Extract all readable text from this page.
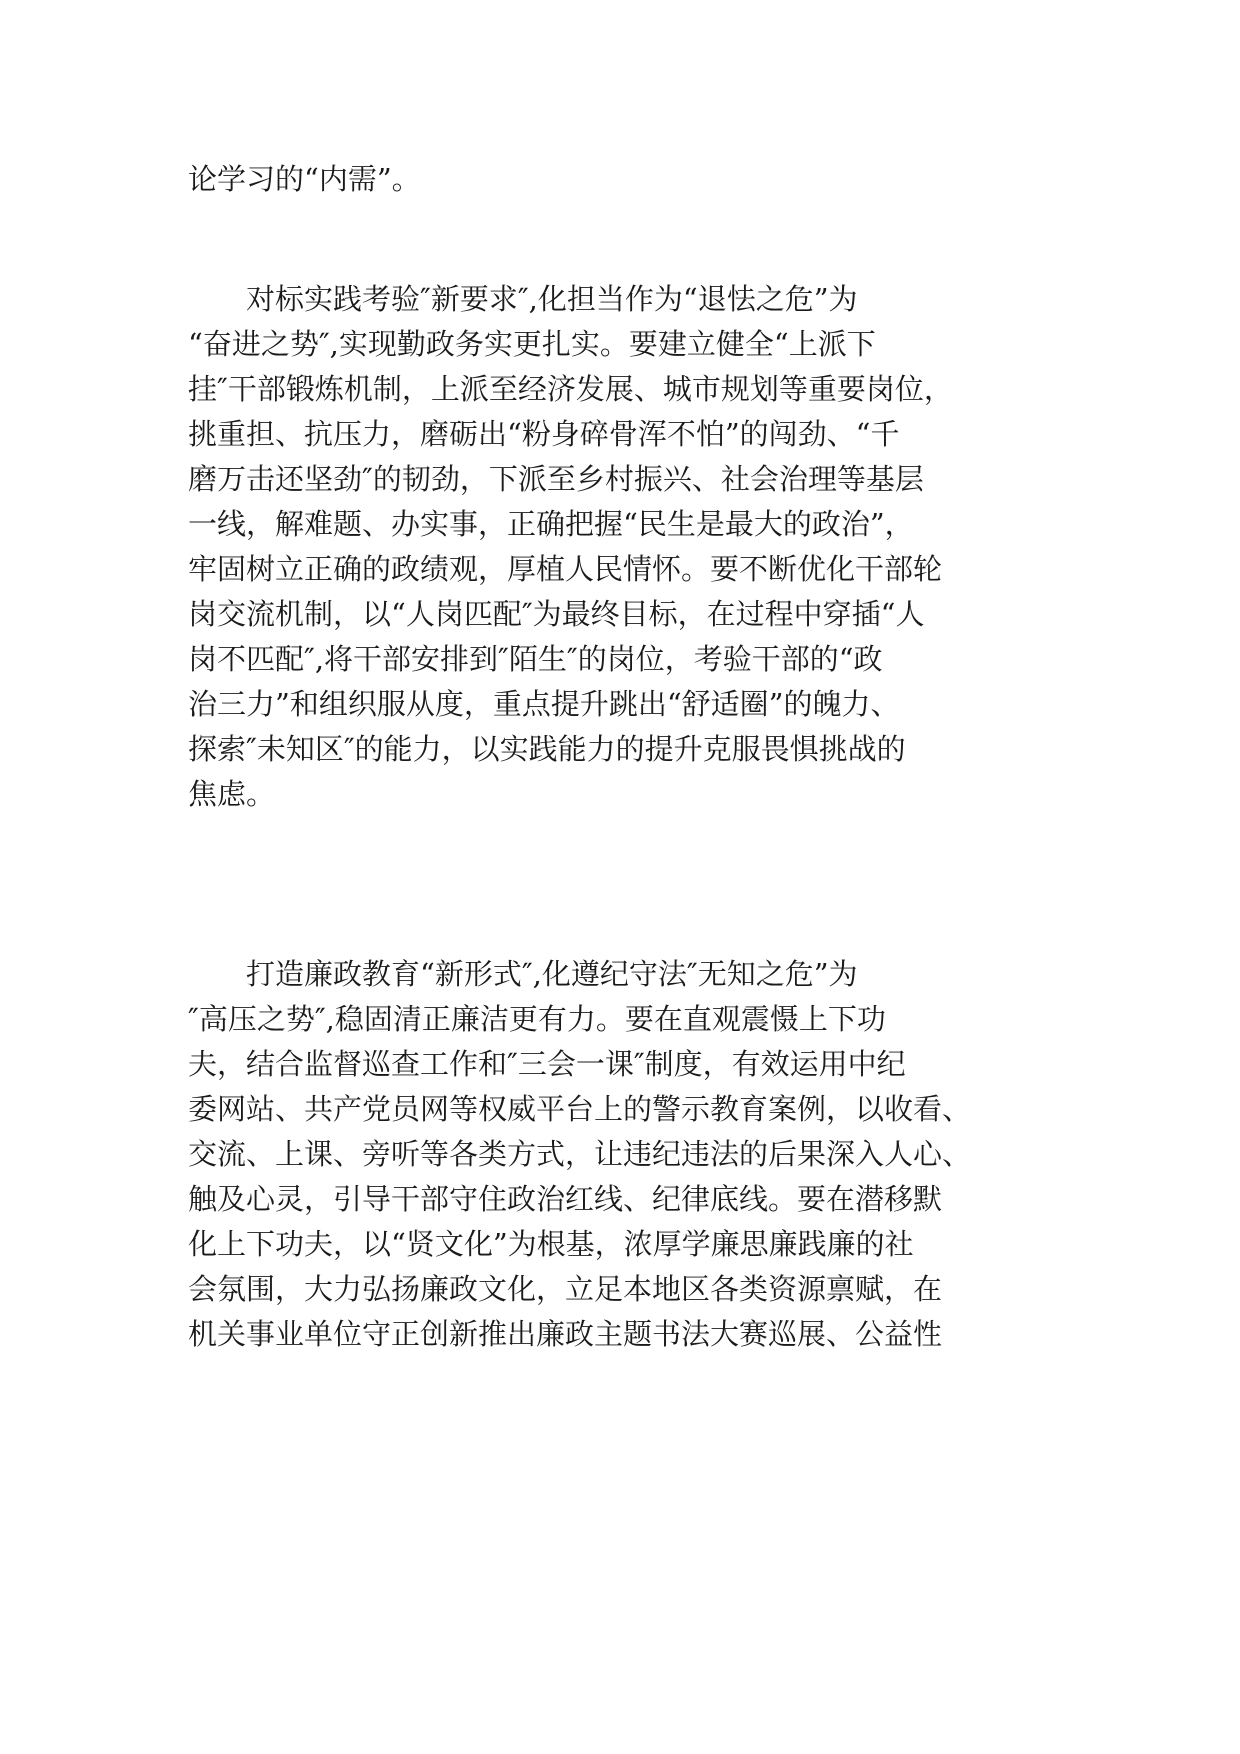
论学习的“内需”。
　　对标实践考验″新要求″,化担当作为“退怯之危”为
“奋进之势″,实现勤政务实更扎实。要建立健全“上派下
挂″干部锻炼机制，上派至经济发展、城市规划等重要岗位，
挑重担、抗压力，磨砺出“粉身碎骨浑不怕”的闯劲、“千
磨万击还坚劲″的韧劲，下派至乡村振兴、社会治理等基层
一线，解难题、办实事，正确把握“民生是最大的政治”，
牢固树立正确的政绩观，厚植人民情怀。要不断优化干部轮
岗交流机制，以“人岗匹配″为最终目标，在过程中穿插“人
岗不匹配″,将干部安排到″陌生″的岗位，考验干部的“政
治三力”和组织服从度，重点提升跳出“舒适圈”的魄力、
探索″未知区″的能力，以实践能力的提升克服畏惧挑战的
焦虑。
　　打造廉政教育“新形式″,化遵纪守法″无知之危”为
″高压之势″,稳固清正廉洁更有力。要在直观震慑上下功
夫，结合监督巡查工作和″三会一课″制度，有效运用中纪
委网站、共产党员网等权威平台上的警示教育案例，以收看、
交流、上课、旁听等各类方式，让违纪违法的后果深入人心、
触及心灵，引导干部守住政治红线、纪律底线。要在潜移默
化上下功夫，以“贤文化”为根基，浓厚学廉思廉践廉的社
会氛围，大力弘扬廉政文化，立足本地区各类资源禀赋，在
机关事业单位守正创新推出廉政主题书法大赛巡展、公益性
